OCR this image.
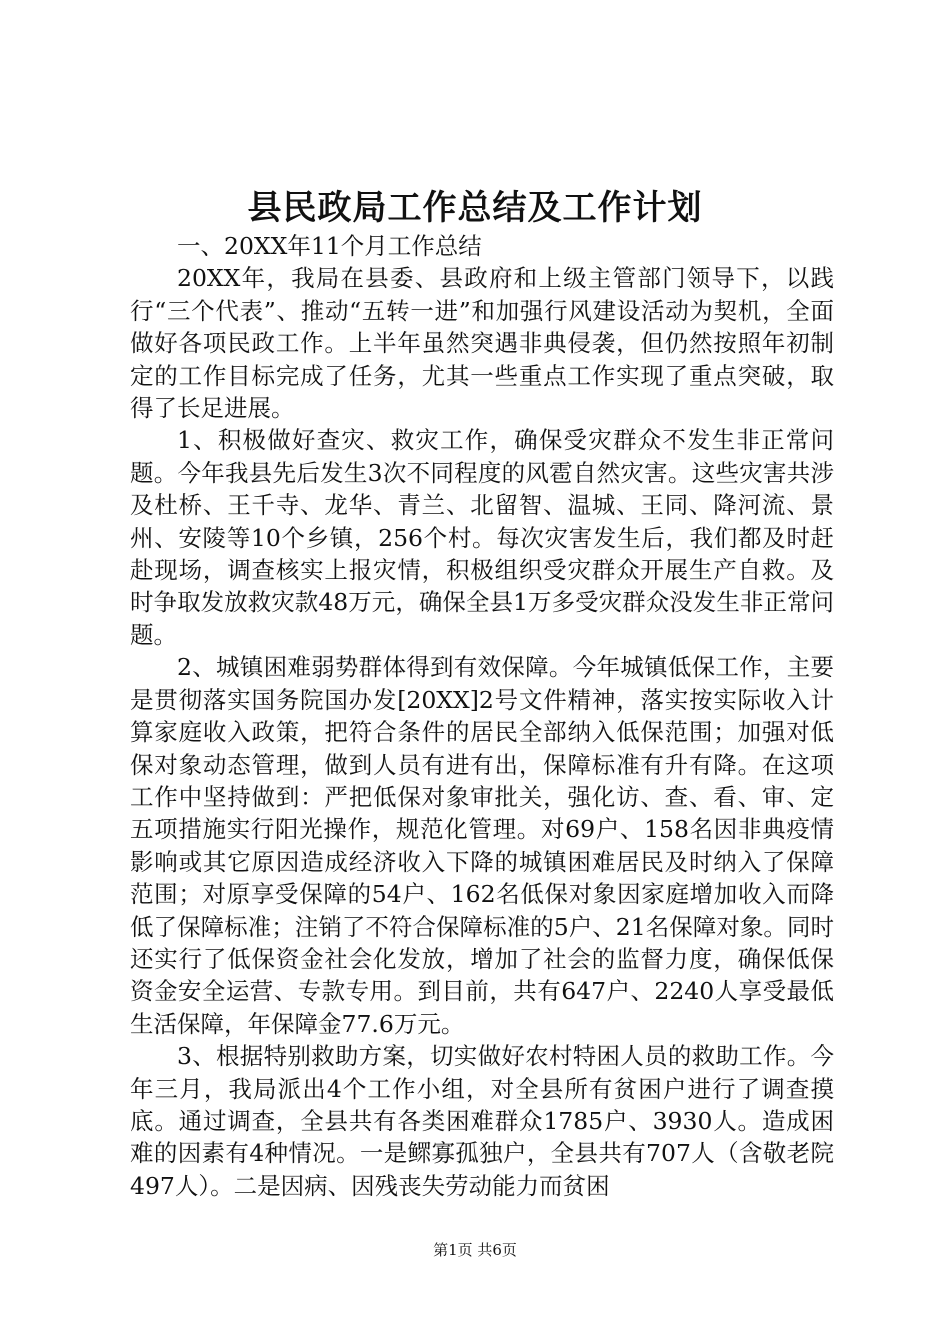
县民政局工作总结及工作计划

一、20XX年11个月工作总结

20XX年，我局在县委、县政府和上级主管部门领导下，以践行“三个代表”、推动“五转一进”和加强行风建设活动为契机，全面做好各项民政工作。上半年虽然突遇非典侵袭，但仍然按照年初制定的工作目标完成了任务，尤其一些重点工作实现了重点突破，取得了长足进展。

1、积极做好查灾、救灾工作，确保受灾群众不发生非正常问题。今年我县先后发生3次不同程度的风雹自然灾害。这些灾害共涉及杜桥、王千寺、龙华、青兰、北留智、温城、王同、降河流、景州、安陵等10个乡镇，256个村。每次灾害发生后，我们都及时赶赴现场，调查核实上报灾情，积极组织受灾群众开展生产自救。及时争取发放救灾款48万元，确保全县1万多受灾群众没发生非正常问题。

2、城镇困难弱势群体得到有效保障。今年城镇低保工作，主要是贯彻落实国务院国办发[20XX]2号文件精神，落实按实际收入计算家庭收入政策，把符合条件的居民全部纳入低保范围；加强对低保对象动态管理，做到人员有进有出，保障标准有升有降。在这项工作中坚持做到：严把低保对象审批关，强化访、查、看、审、定五项措施实行阳光操作，规范化管理。对69户、158名因非典疫情影响或其它原因造成经济收入下降的城镇困难居民及时纳入了保障范围；对原享受保障的54户、162名低保对象因家庭增加收入而降低了保障标准；注销了不符合保障标准的5户、21名保障对象。同时还实行了低保资金社会化发放，增加了社会的监督力度，确保低保资金安全运营、专款专用。到目前，共有647户、2240人享受最低生活保障，年保障金77.6万元。

3、根据特别救助方案，切实做好农村特困人员的救助工作。今年三月，我局派出4个工作小组，对全县所有贫困户进行了调查摸底。通过调查，全县共有各类困难群众1785户、3930人。造成困难的因素有4种情况。一是鳏寡孤独户，全县共有707人（含敬老院497人）。二是因病、因残丧失劳动能力而贫困

第1页 共6页
